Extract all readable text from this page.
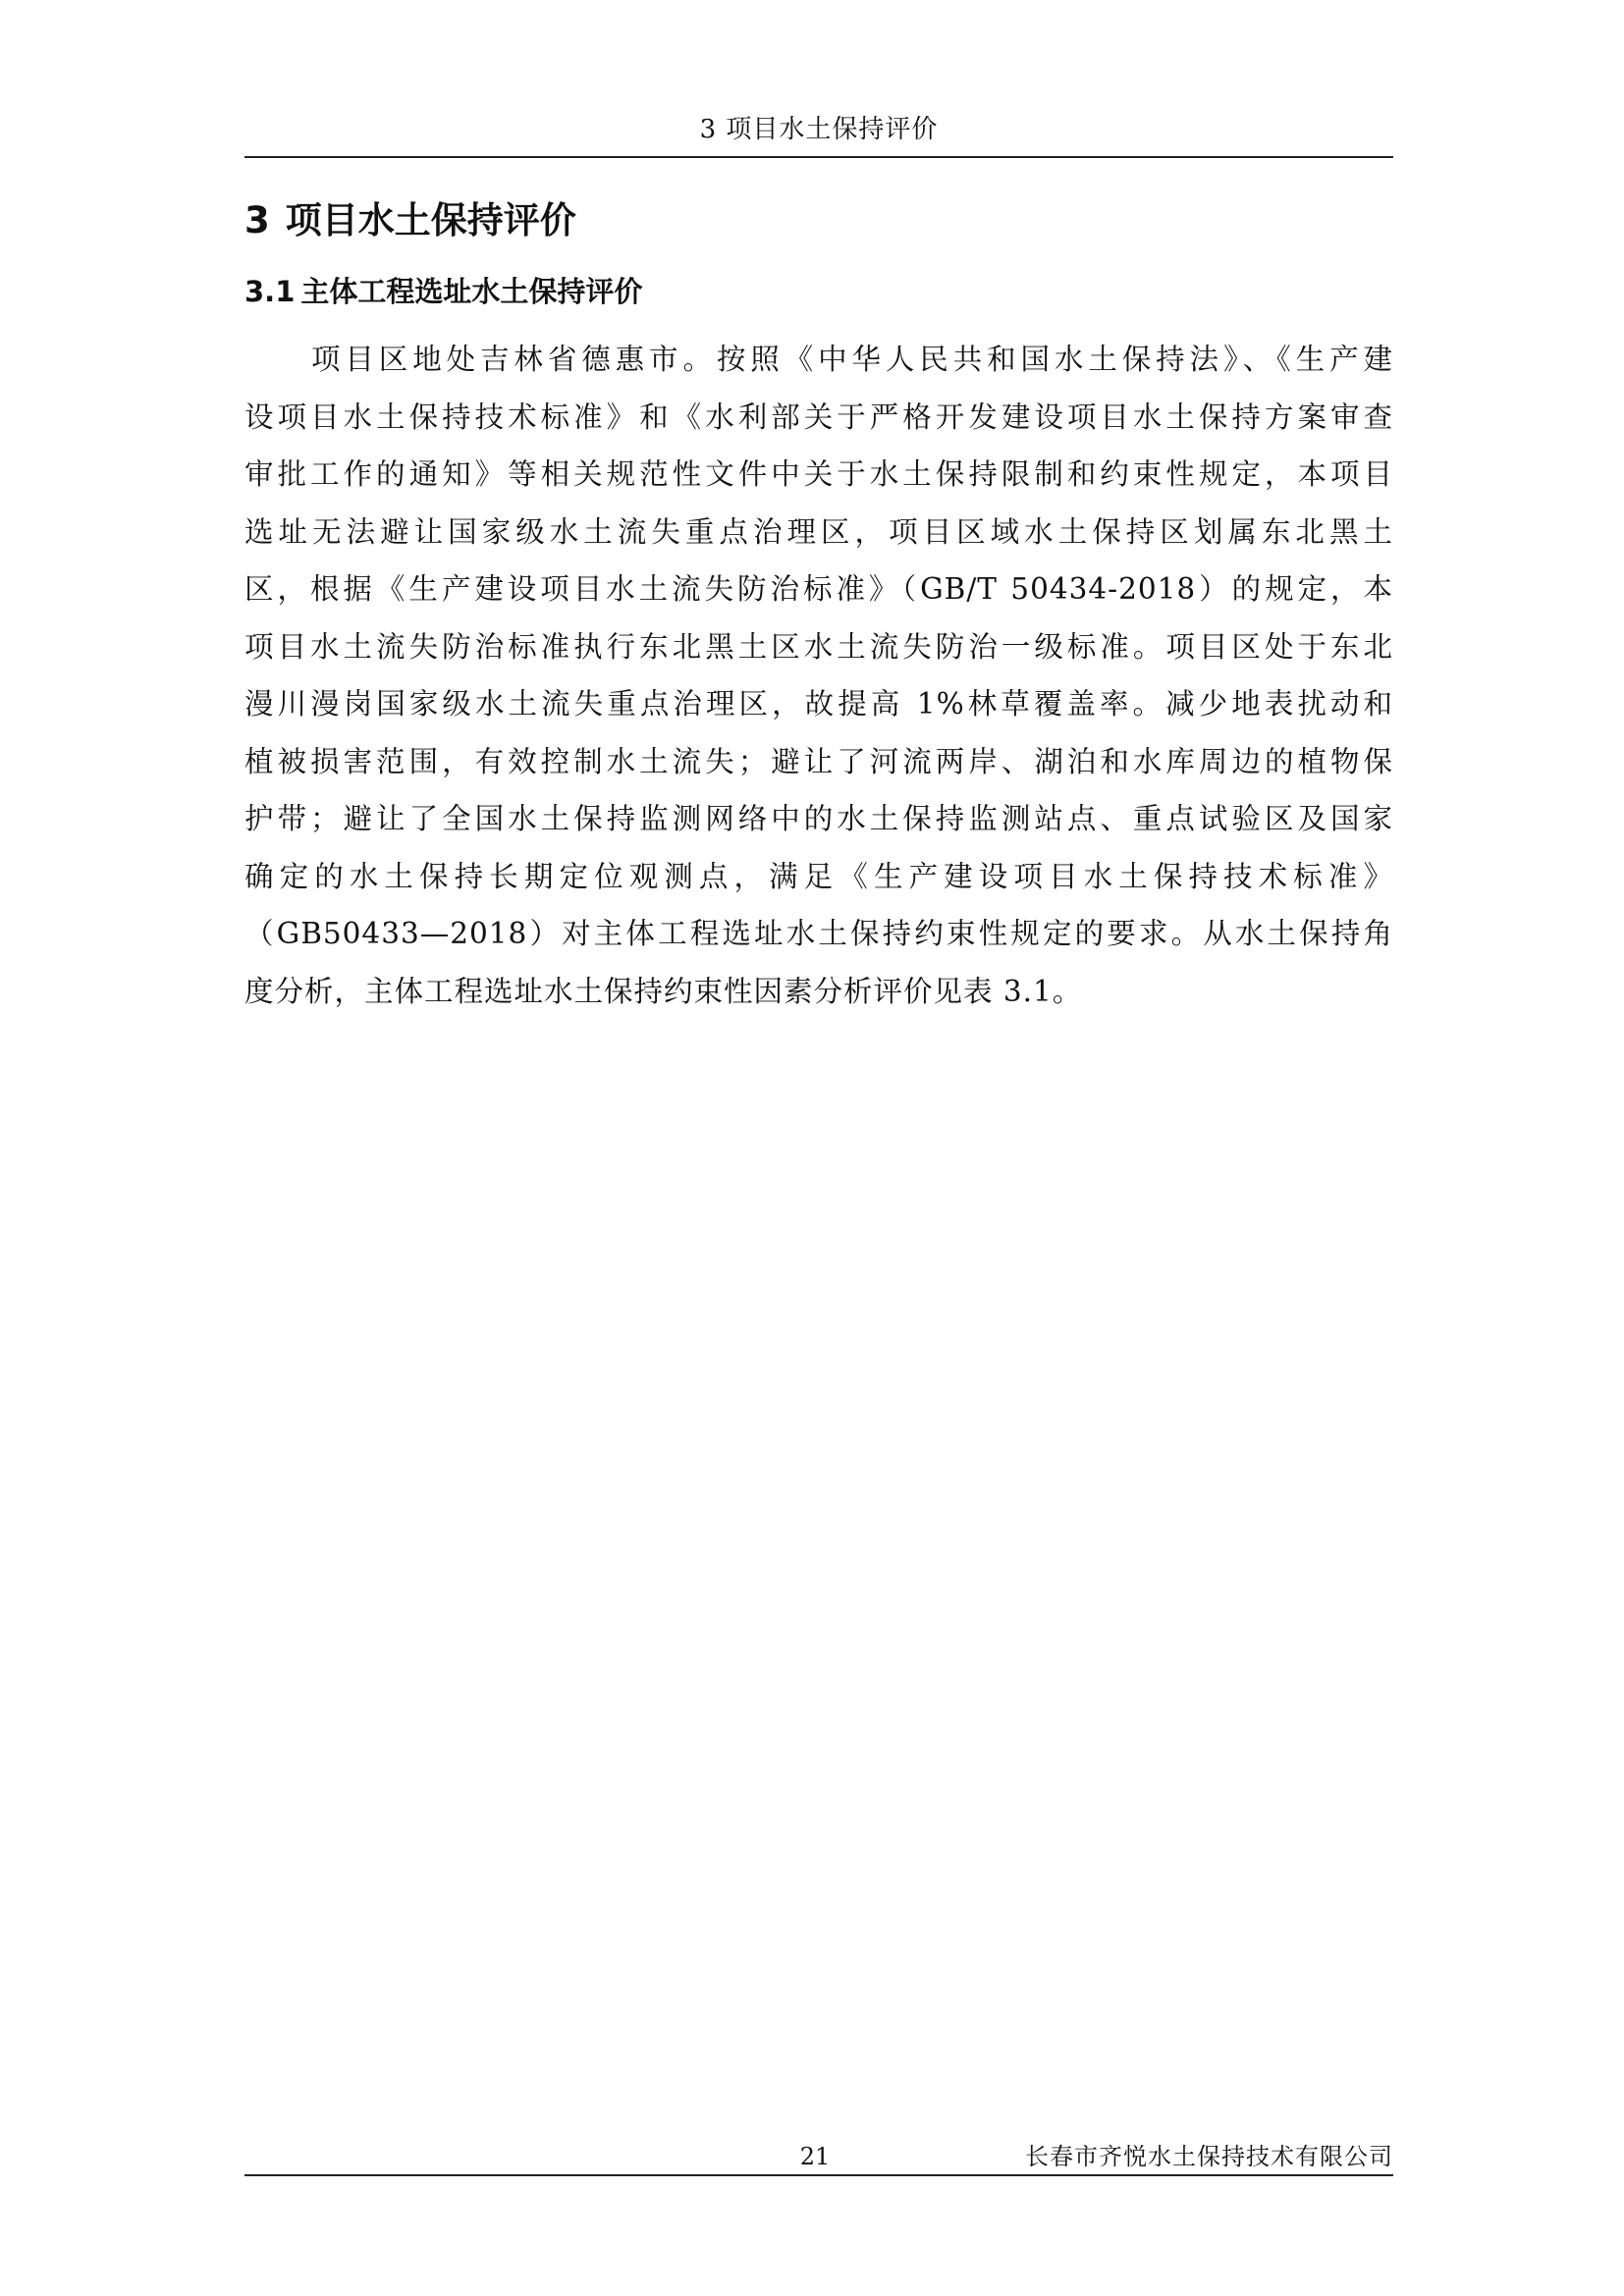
3 项目水土保持评价
3 项目水土保持评价
3.1 主体工程选址水土保持评价
项目区地处吉林省德惠市。按照《中华人民共和国水土保持法》、《生产建
设项目水土保持技术标准》和《水利部关于严格开发建设项目水土保持方案审查
审批工作的通知》等相关规范性文件中关于水土保持限制和约束性规定，本项目
选址无法避让国家级水土流失重点治理区，项目区域水土保持区划属东北黑土
区，根据《生产建设项目水土流失防治标准》（GB/T 50434-2018）的规定，本
项目水土流失防治标准执行东北黑土区水土流失防治一级标准。项目区处于东北
漫川漫岗国家级水土流失重点治理区，故提高 1%林草覆盖率。减少地表扰动和
植被损害范围，有效控制水土流失；避让了河流两岸、湖泊和水库周边的植物保
护带；避让了全国水土保持监测网络中的水土保持监测站点、重点试验区及国家
确定的水土保持长期定位观测点，满足《生产建设项目水土保持技术标准》
（GB50433—2018）对主体工程选址水土保持约束性规定的要求。从水土保持角
度分析，主体工程选址水土保持约束性因素分析评价见表 3.1。
21	长春市齐悦水土保持技术有限公司
